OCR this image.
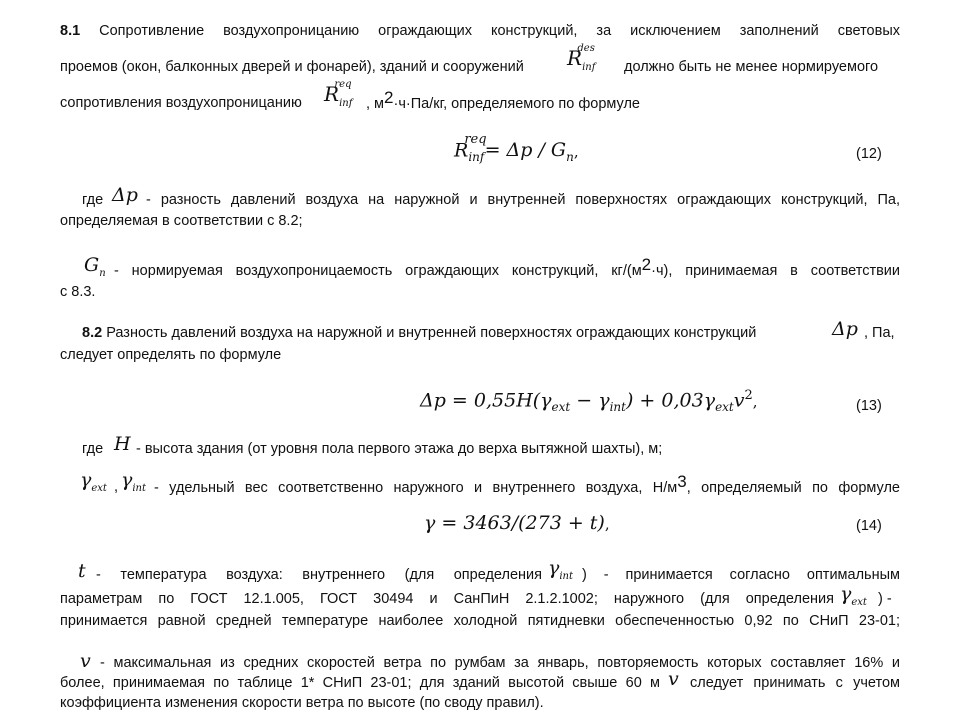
8.1 Сопротивление воздухопроницанию ограждающих конструкций, за исключением заполнений световых
проемов (окон, балконных дверей и фонарей), зданий и сооружений $R_{inf}^{des}$
должно быть не менее нормируемого
сопротивления воздухопроницанию $R_{inf}^{req}$
, м2·ч·Па/кг, определяемого по формуле
$R_{inf}^{req}= \Delta p / G_n$,	(12)
где Δp - разность давлений воздуха на наружной и внутренней поверхностях ограждающих конструкций, Па,
определяемая в соответствии с 8.2;
$G_n$ - нормируемая воздухопроницаемость ограждающих конструкций, кг/(м2·ч), принимаемая в соответствии
с 8.3.
8.2 Разность давлений воздуха на наружной и внутренней поверхностях ограждающих конструкций	Δp , Па,
следует определять по формуле
$\Delta p = 0,55H(\gamma_{ext} - \gamma_{int}) + 0,03\gamma_{ext}v^2$,	(13)
где H - высота здания (от уровня пола первого этажа до верха вытяжной шахты), м;
$\gamma_{ext}$ , $\gamma_{int}$ - удельный вес соответственно наружного и внутреннего воздуха, Н/м3, определяемый по формуле
γ = 3463/(273 + t),	(14)
t - температура воздуха: внутреннего (для определения $\gamma_{int}$ ) - принимается согласно оптимальным
параметрам по ГОСТ 12.1.005, ГОСТ 30494 и СанПиН 2.1.2.1002; наружного (для определения $\gamma_{ext}$ ) -
принимается равной средней температуре наиболее холодной пятидневки обеспеченностью 0,92 по СНиП 23-01;
v - максимальная из средних скоростей ветра по румбам за январь, повторяемость которых составляет 16% и
более, принимаемая по таблице 1* СНиП 23-01; для зданий высотой свыше 60 м v следует принимать с учетом
коэффициента изменения скорости ветра по высоте (по своду правил).
